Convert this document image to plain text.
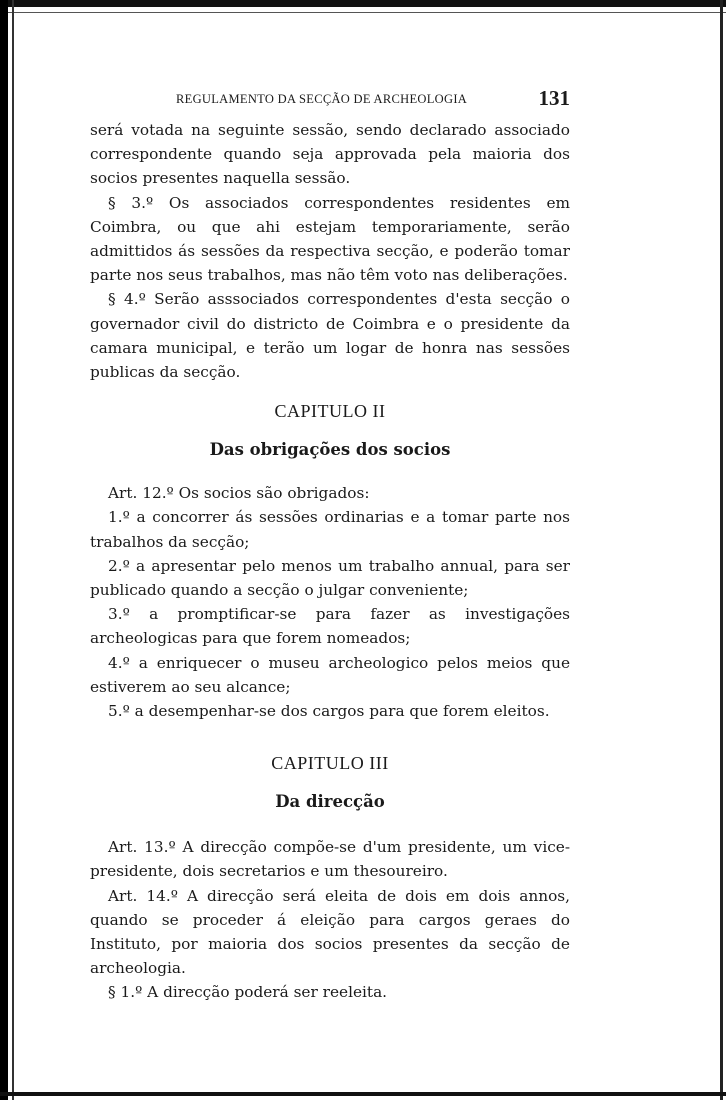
REGULAMENTO DA SECÇÃO DE ARCHEOLOGIA	131

será votada na seguinte sessão, sendo declarado associado correspondente quando seja approvada pela maioria dos socios presentes naquella sessão.

§ 3.º Os associados correspondentes residentes em Coimbra, ou que ahi estejam temporariamente, serão admittidos ás sessões da respectiva secção, e poderão tomar parte nos seus trabalhos, mas não têm voto nas deliberações.

§ 4.º Serão asssociados correspondentes d'esta secção o governador civil do districto de Coimbra e o presidente da camara municipal, e terão um logar de honra nas sessões publicas da secção.

CAPITULO II
Das obrigações dos socios

Art. 12.º Os socios são obrigados:

1.º a concorrer ás sessões ordinarias e a tomar parte nos trabalhos da secção;

2.º a apresentar pelo menos um trabalho annual, para ser publicado quando a secção o julgar conveniente;

3.º a promptificar-se para fazer as investigações archeologicas para que forem nomeados;

4.º a enriquecer o museu archeologico pelos meios que estiverem ao seu alcance;

5.º a desempenhar-se dos cargos para que forem eleitos.

CAPITULO III
Da direcção

Art. 13.º A direcção compõe-se d'um presidente, um vice-presidente, dois secretarios e um thesoureiro.

Art. 14.º A direcção será eleita de dois em dois annos, quando se proceder á eleição para cargos geraes do Instituto, por maioria dos socios presentes da secção de archeologia.

§ 1.º A direcção poderá ser reeleita.
